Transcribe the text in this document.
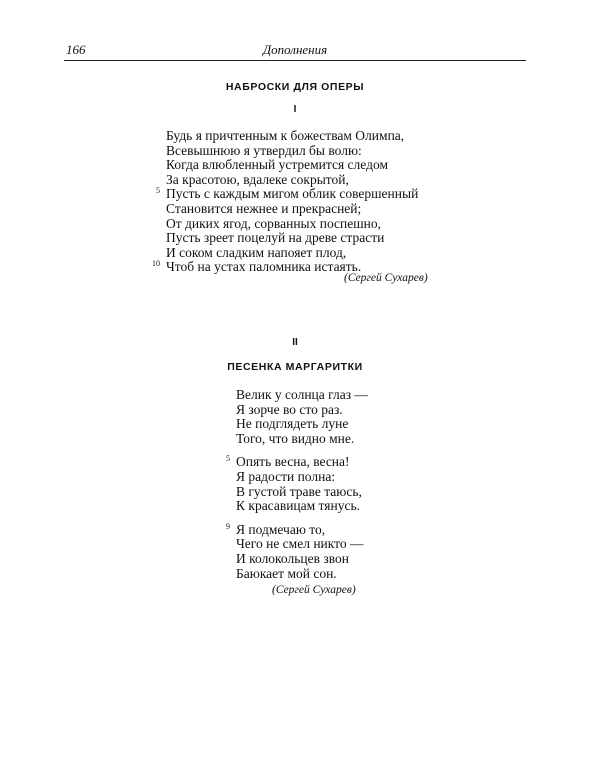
166	Дополнения
НАБРОСКИ ДЛЯ ОПЕРЫ
I
Будь я причтенным к божествам Олимпа,
Всевышнюю я утвердил бы волю:
Когда влюбленный устремится следом
За красотою, вдалеке сокрытой,
5 Пусть с каждым мигом облик совершенный
Становится нежнее и прекрасней;
От диких ягод, сорванных поспешно,
Пусть зреет поцелуй на древе страсти
И соком сладким напояет плод,
10 Чтоб на устах паломника истаять.
(Сергей Сухарев)
II
ПЕСЕНКА МАРГАРИТКИ
Велик у солнца глаз —
Я зорче во сто раз.
Не подглядеть луне
Того, что видно мне.
5 Опять весна, весна!
Я радости полна:
В густой траве таюсь,
К красавицам тянусь.
9 Я подмечаю то,
Чего не смел никто —
И колокольцев звон
Баюкает мой сон.
(Сергей Сухарев)
